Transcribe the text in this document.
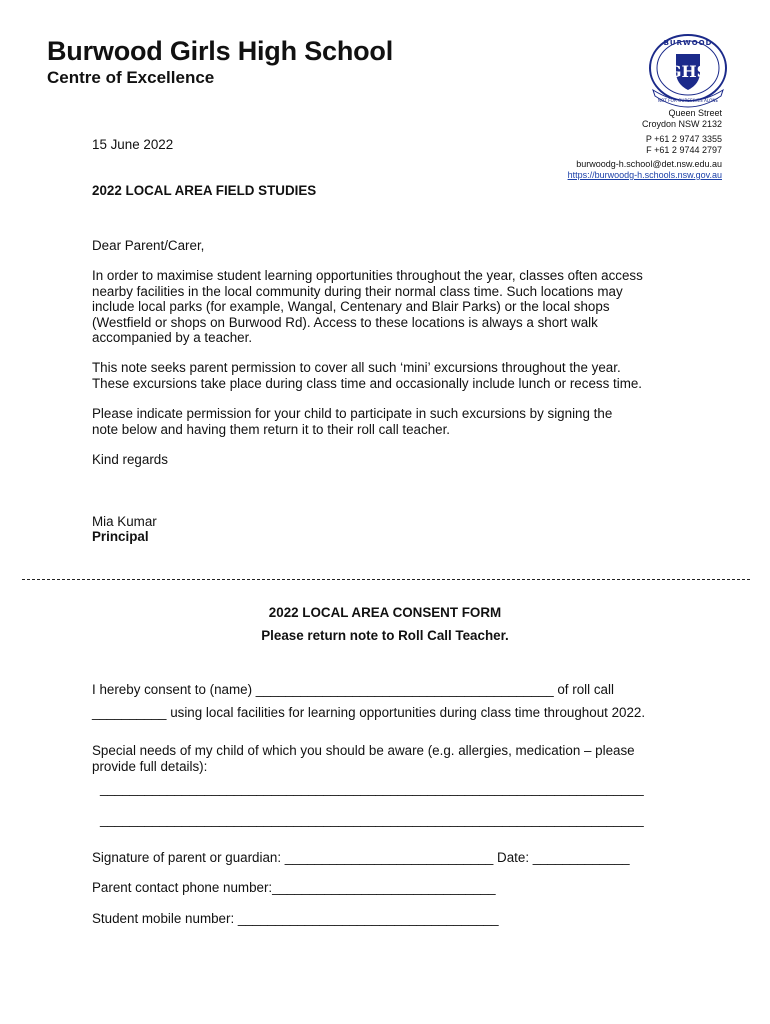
Burwood Girls High School
Centre of Excellence	GHS
BURWOOD
NOT FOR OURSELVES ALONE
Queen Street
Croydon NSW 2132
P +61 2 9747 3355
F +61 2 9744 2797
burwoodg-h.school@det.nsw.edu.au
https://burwoodg-h.schools.nsw.gov.au
15 June 2022
2022 LOCAL AREA FIELD STUDIES
Dear Parent/Carer,
In order to maximise student learning opportunities throughout the year, classes often access
nearby facilities in the local community during their normal class time. Such locations may
include local parks (for example, Wangal, Centenary and Blair Parks) or the local shops
(Westfield or shops on Burwood Rd). Access to these locations is always a short walk
accompanied by a teacher.
This note seeks parent permission to cover all such ‘mini’ excursions throughout the year.
These excursions take place during class time and occasionally include lunch or recess time.
Please indicate permission for your child to participate in such excursions by signing the
note below and having them return it to their roll call teacher.
Kind regards
Mia Kumar
Principal
2022 LOCAL AREA CONSENT FORM
Please return note to Roll Call Teacher.
I hereby consent to (name) ________________________________________ of roll call
__________ using local facilities for learning opportunities during class time throughout 2022.
Special needs of my child of which you should be aware (e.g. allergies, medication – please
provide full details):
_________________________________________________________________________
_________________________________________________________________________
Signature of parent or guardian: ____________________________ Date: _____________
Parent contact phone number:______________________________
Student mobile number: ___________________________________
